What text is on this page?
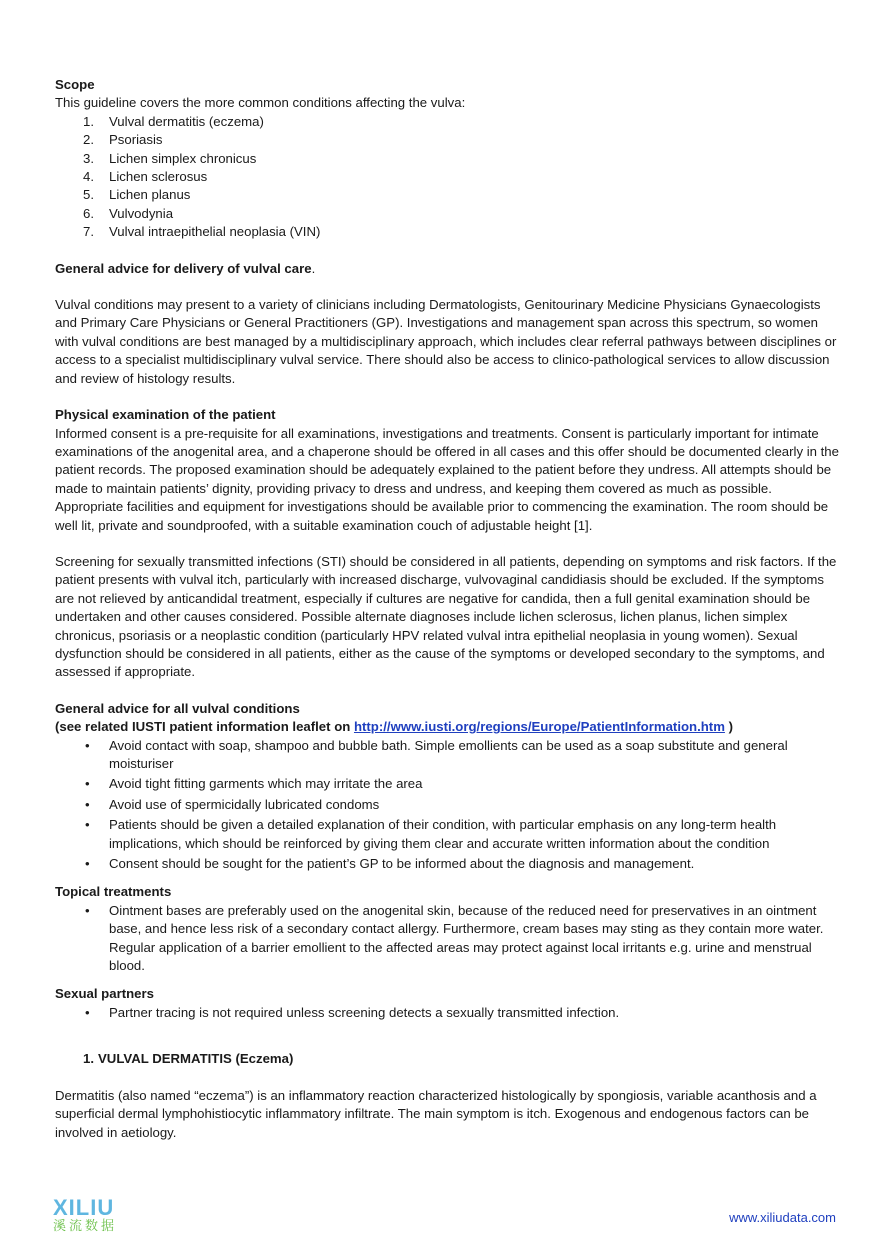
Scope

This guideline covers the more common conditions affecting the vulva:

1. Vulval dermatitis (eczema)
2. Psoriasis
3. Lichen simplex chronicus
4. Lichen sclerosus
5. Lichen planus
6. Vulvodynia
7. Vulval intraepithelial neoplasia (VIN)

General advice for delivery of vulval care.

Vulval conditions may present to a variety of clinicians including Dermatologists, Genitourinary Medicine Physicians Gynaecologists and Primary Care Physicians or General Practitioners (GP). Investigations and management span across this spectrum, so women with vulval conditions are best managed by a multidisciplinary approach, which includes clear referral pathways between disciplines or access to a specialist multidisciplinary vulval service. There should also be access to clinico-pathological services to allow discussion and review of histology results.

Physical examination of the patient

Informed consent is a pre-requisite for all examinations, investigations and treatments. Consent is particularly important for intimate examinations of the anogenital area, and a chaperone should be offered in all cases and this offer should be documented clearly in the patient records. The proposed examination should be adequately explained to the patient before they undress. All attempts should be made to maintain patients’ dignity, providing privacy to dress and undress, and keeping them covered as much as possible. Appropriate facilities and equipment for investigations should be available prior to commencing the examination. The room should be well lit, private and soundproofed, with a suitable examination couch of adjustable height [1].

Screening for sexually transmitted infections (STI) should be considered in all patients, depending on symptoms and risk factors. If the patient presents with vulval itch, particularly with increased discharge, vulvovaginal candidiasis should be excluded. If the symptoms are not relieved by anticandidal treatment, especially if cultures are negative for candida, then a full genital examination should be undertaken and other causes considered. Possible alternate diagnoses include lichen sclerosus, lichen planus, lichen simplex chronicus, psoriasis or a neoplastic condition (particularly HPV related vulval intra epithelial neoplasia in young women). Sexual dysfunction should be considered in all patients, either as the cause of the symptoms or developed secondary to the symptoms, and assessed if appropriate.

General advice for all vulval conditions

(see related IUSTI patient information leaflet on http://www.iusti.org/regions/Europe/PatientInformation.htm )

• Avoid contact with soap, shampoo and bubble bath. Simple emollients can be used as a soap substitute and general moisturiser
• Avoid tight fitting garments which may irritate the area
• Avoid use of spermicidally lubricated condoms
• Patients should be given a detailed explanation of their condition, with particular emphasis on any long-term health implications, which should be reinforced by giving them clear and accurate written information about the condition
• Consent should be sought for the patient’s GP to be informed about the diagnosis and management.

Topical treatments

• Ointment bases are preferably used on the anogenital skin, because of the reduced need for preservatives in an ointment base, and hence less risk of a secondary contact allergy. Furthermore, cream bases may sting as they contain more water. Regular application of a barrier emollient to the affected areas may protect against local irritants e.g. urine and menstrual blood.

Sexual partners

• Partner tracing is not required unless screening detects a sexually transmitted infection.

1. VULVAL DERMATITIS (Eczema)

Dermatitis (also named “eczema”) is an inflammatory reaction characterized histologically by spongiosis, variable acanthosis and a superficial dermal lymphohistiocytic inflammatory infiltrate. The main symptom is itch. Exogenous and endogenous factors can be involved in aetiology.

XILIU
溪流数据
www.xiliudata.com
